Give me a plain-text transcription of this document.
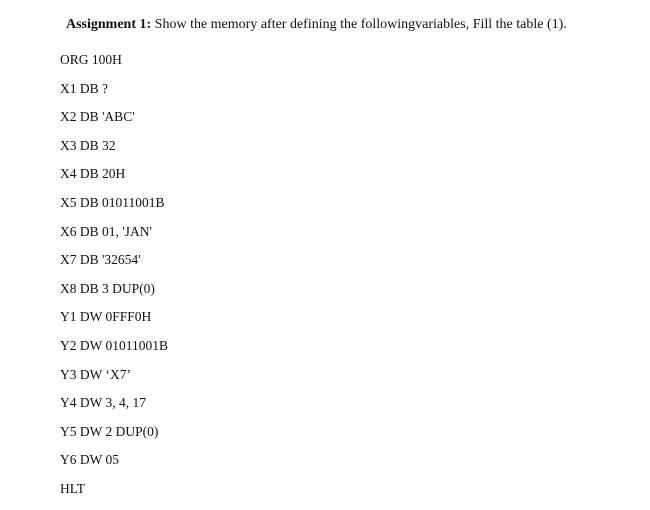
Assignment 1: Show the memory after defining the followingvariables, Fill the table (1).
ORG 100H
X1 DB ?
X2 DB 'ABC'
X3 DB 32
X4 DB 20H
X5 DB 01011001B
X6 DB 01, 'JAN'
X7 DB '32654'
X8 DB 3 DUP(0)
Y1 DW 0FFF0H
Y2 DW 01011001B
Y3 DW ‘X7’
Y4 DW 3, 4, 17
Y5 DW 2 DUP(0)
Y6 DW 05
HLT
